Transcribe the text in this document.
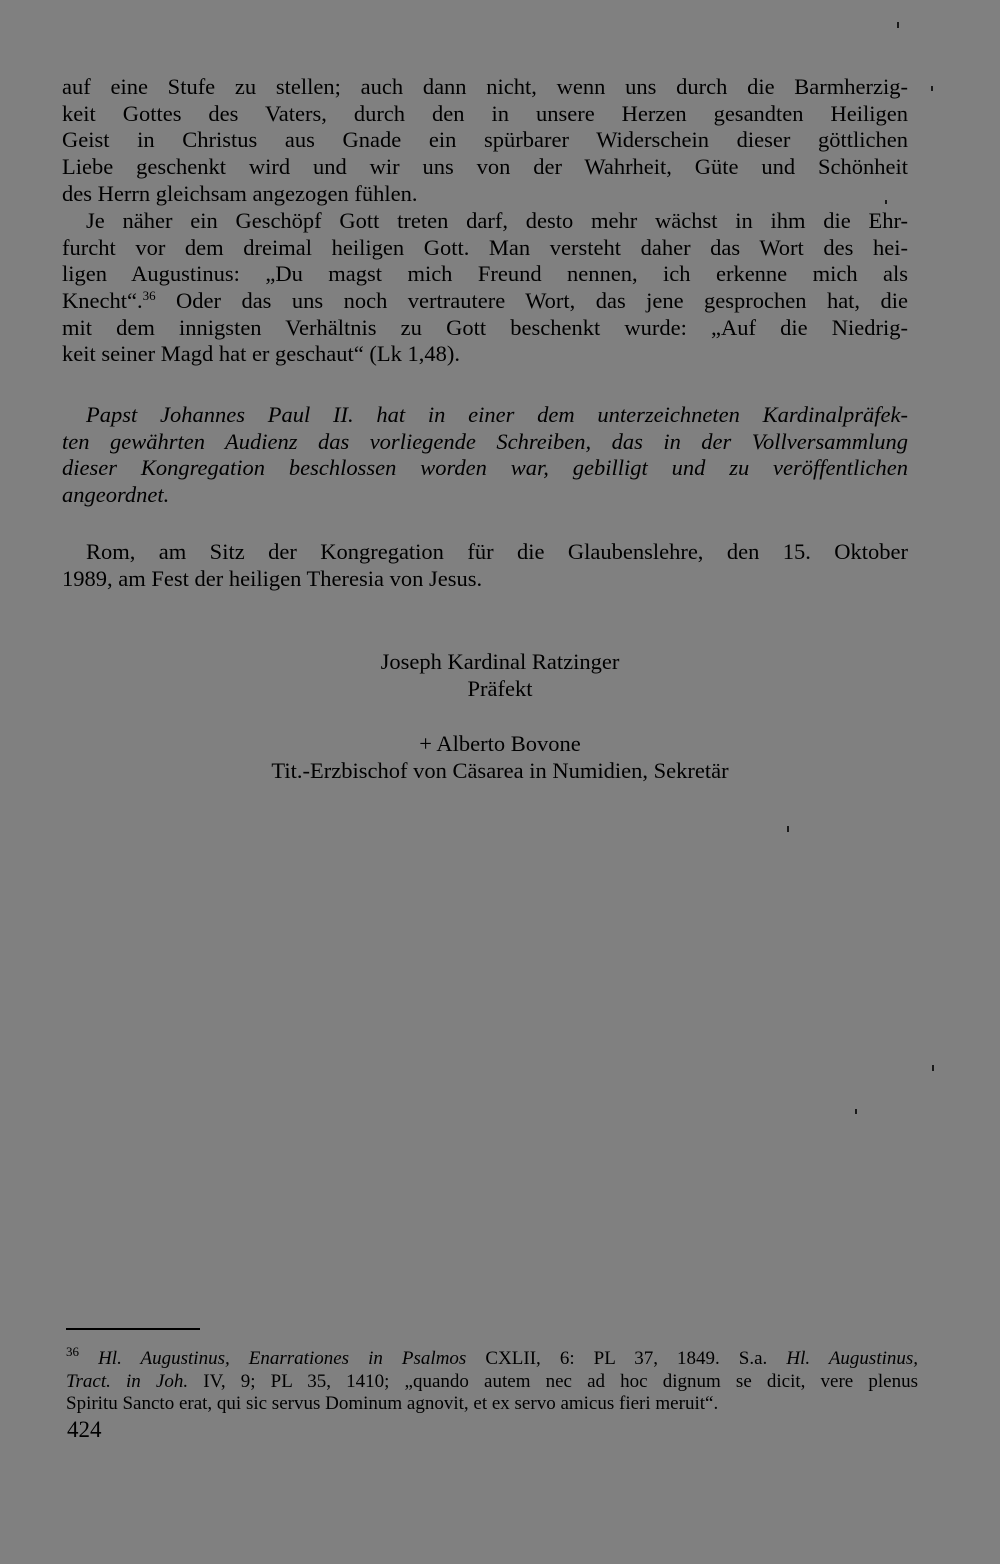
auf eine Stufe zu stellen; auch dann nicht, wenn uns durch die Barmherzig-
keit Gottes des Vaters, durch den in unsere Herzen gesandten Heiligen
Geist in Christus aus Gnade ein spürbarer Widerschein dieser göttlichen
Liebe geschenkt wird und wir uns von der Wahrheit, Güte und Schönheit
des Herrn gleichsam angezogen fühlen.
Je näher ein Geschöpf Gott treten darf, desto mehr wächst in ihm die Ehr-
furcht vor dem dreimal heiligen Gott. Man versteht daher das Wort des hei-
ligen Augustinus: „Du magst mich Freund nennen, ich erkenne mich als
Knecht“.$^{36}$ Oder das uns noch vertrautere Wort, das jene gesprochen hat, die
mit dem innigsten Verhältnis zu Gott beschenkt wurde: „Auf die Niedrig-
keit seiner Magd hat er geschaut“ (Lk 1,48).
Papst Johannes Paul II. hat in einer dem unterzeichneten Kardinalpräfek-
ten gewährten Audienz das vorliegende Schreiben, das in der Vollversammlung
dieser Kongregation beschlossen worden war, gebilligt und zu veröffentlichen
angeordnet.
Rom, am Sitz der Kongregation für die Glaubenslehre, den 15. Oktober
1989, am Fest der heiligen Theresia von Jesus.
Joseph Kardinal Ratzinger
Präfekt
+ Alberto Bovone
Tit.-Erzbischof von Cäsarea in Numidien, Sekretär
$^{36}$ Hl. Augustinus, Enarrationes in Psalmos CXLII, 6: PL 37, 1849. S.a. Hl. Augustinus,
Tract. in Joh. IV, 9; PL 35, 1410; „quando autem nec ad hoc dignum se dicit, vere plenus
Spiritu Sancto erat, qui sic servus Dominum agnovit, et ex servo amicus fieri meruit“.
424
